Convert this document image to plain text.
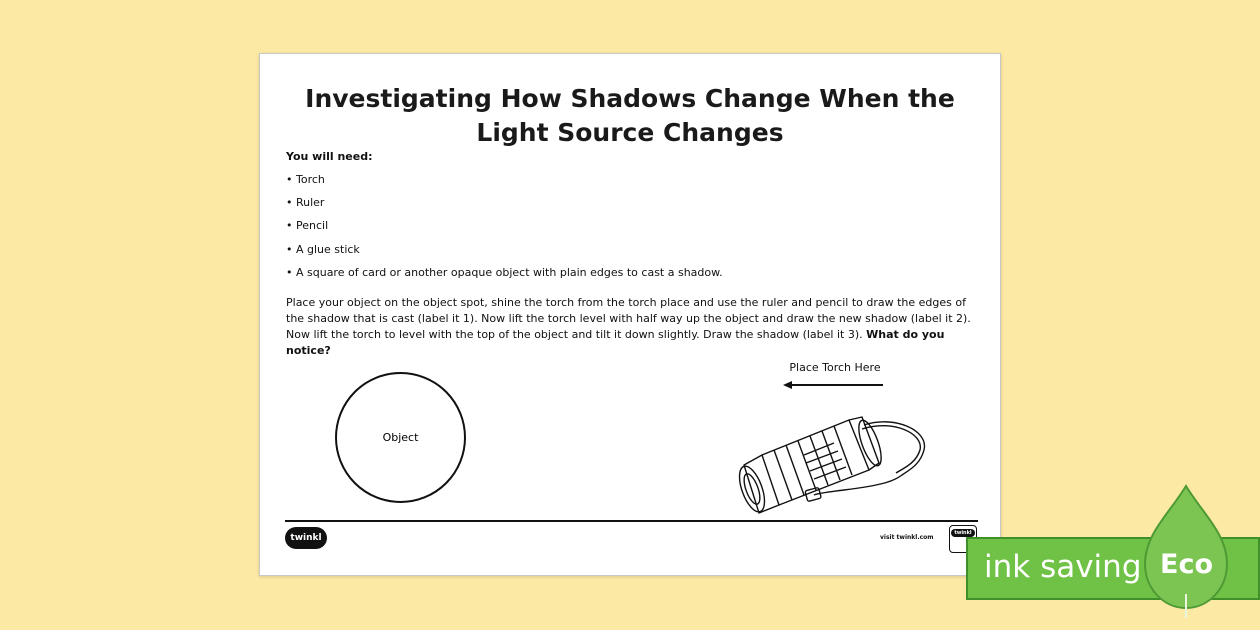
Investigating How Shadows Change When the
Light Source Changes
You will need:
• Torch
• Ruler
• Pencil
• A glue stick
• A square of card or another opaque object with plain edges to cast a shadow.
Place your object on the object spot, shine the torch from the torch place and use the ruler and pencil to draw the edges of the shadow that is cast (label it 1). Now lift the torch level with half way up the object and draw the new shadow (label it 2). Now lift the torch to level with the top of the object and tilt it down slightly. Draw the shadow (label it 3). What do you notice?
Object
Place Torch Here
twinkl	visit twinkl.com
twinkl
ink saving Eco
